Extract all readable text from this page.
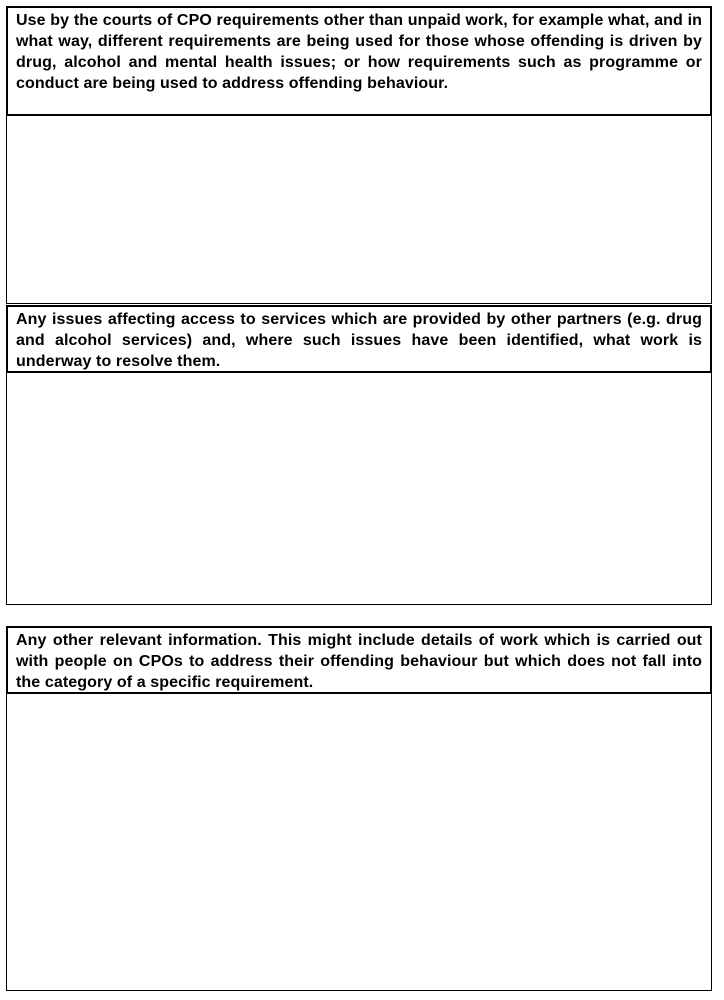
Use by the courts of CPO requirements other than unpaid work, for example what, and in what way, different requirements are being used for those whose offending is driven by drug, alcohol and mental health issues; or how requirements such as programme or conduct are being used to address offending behaviour.

Any issues affecting access to services which are provided by other partners (e.g. drug and alcohol services) and, where such issues have been identified, what work is underway to resolve them.

Any other relevant information. This might include details of work which is carried out with people on CPOs to address their offending behaviour but which does not fall into the category of a specific requirement.
